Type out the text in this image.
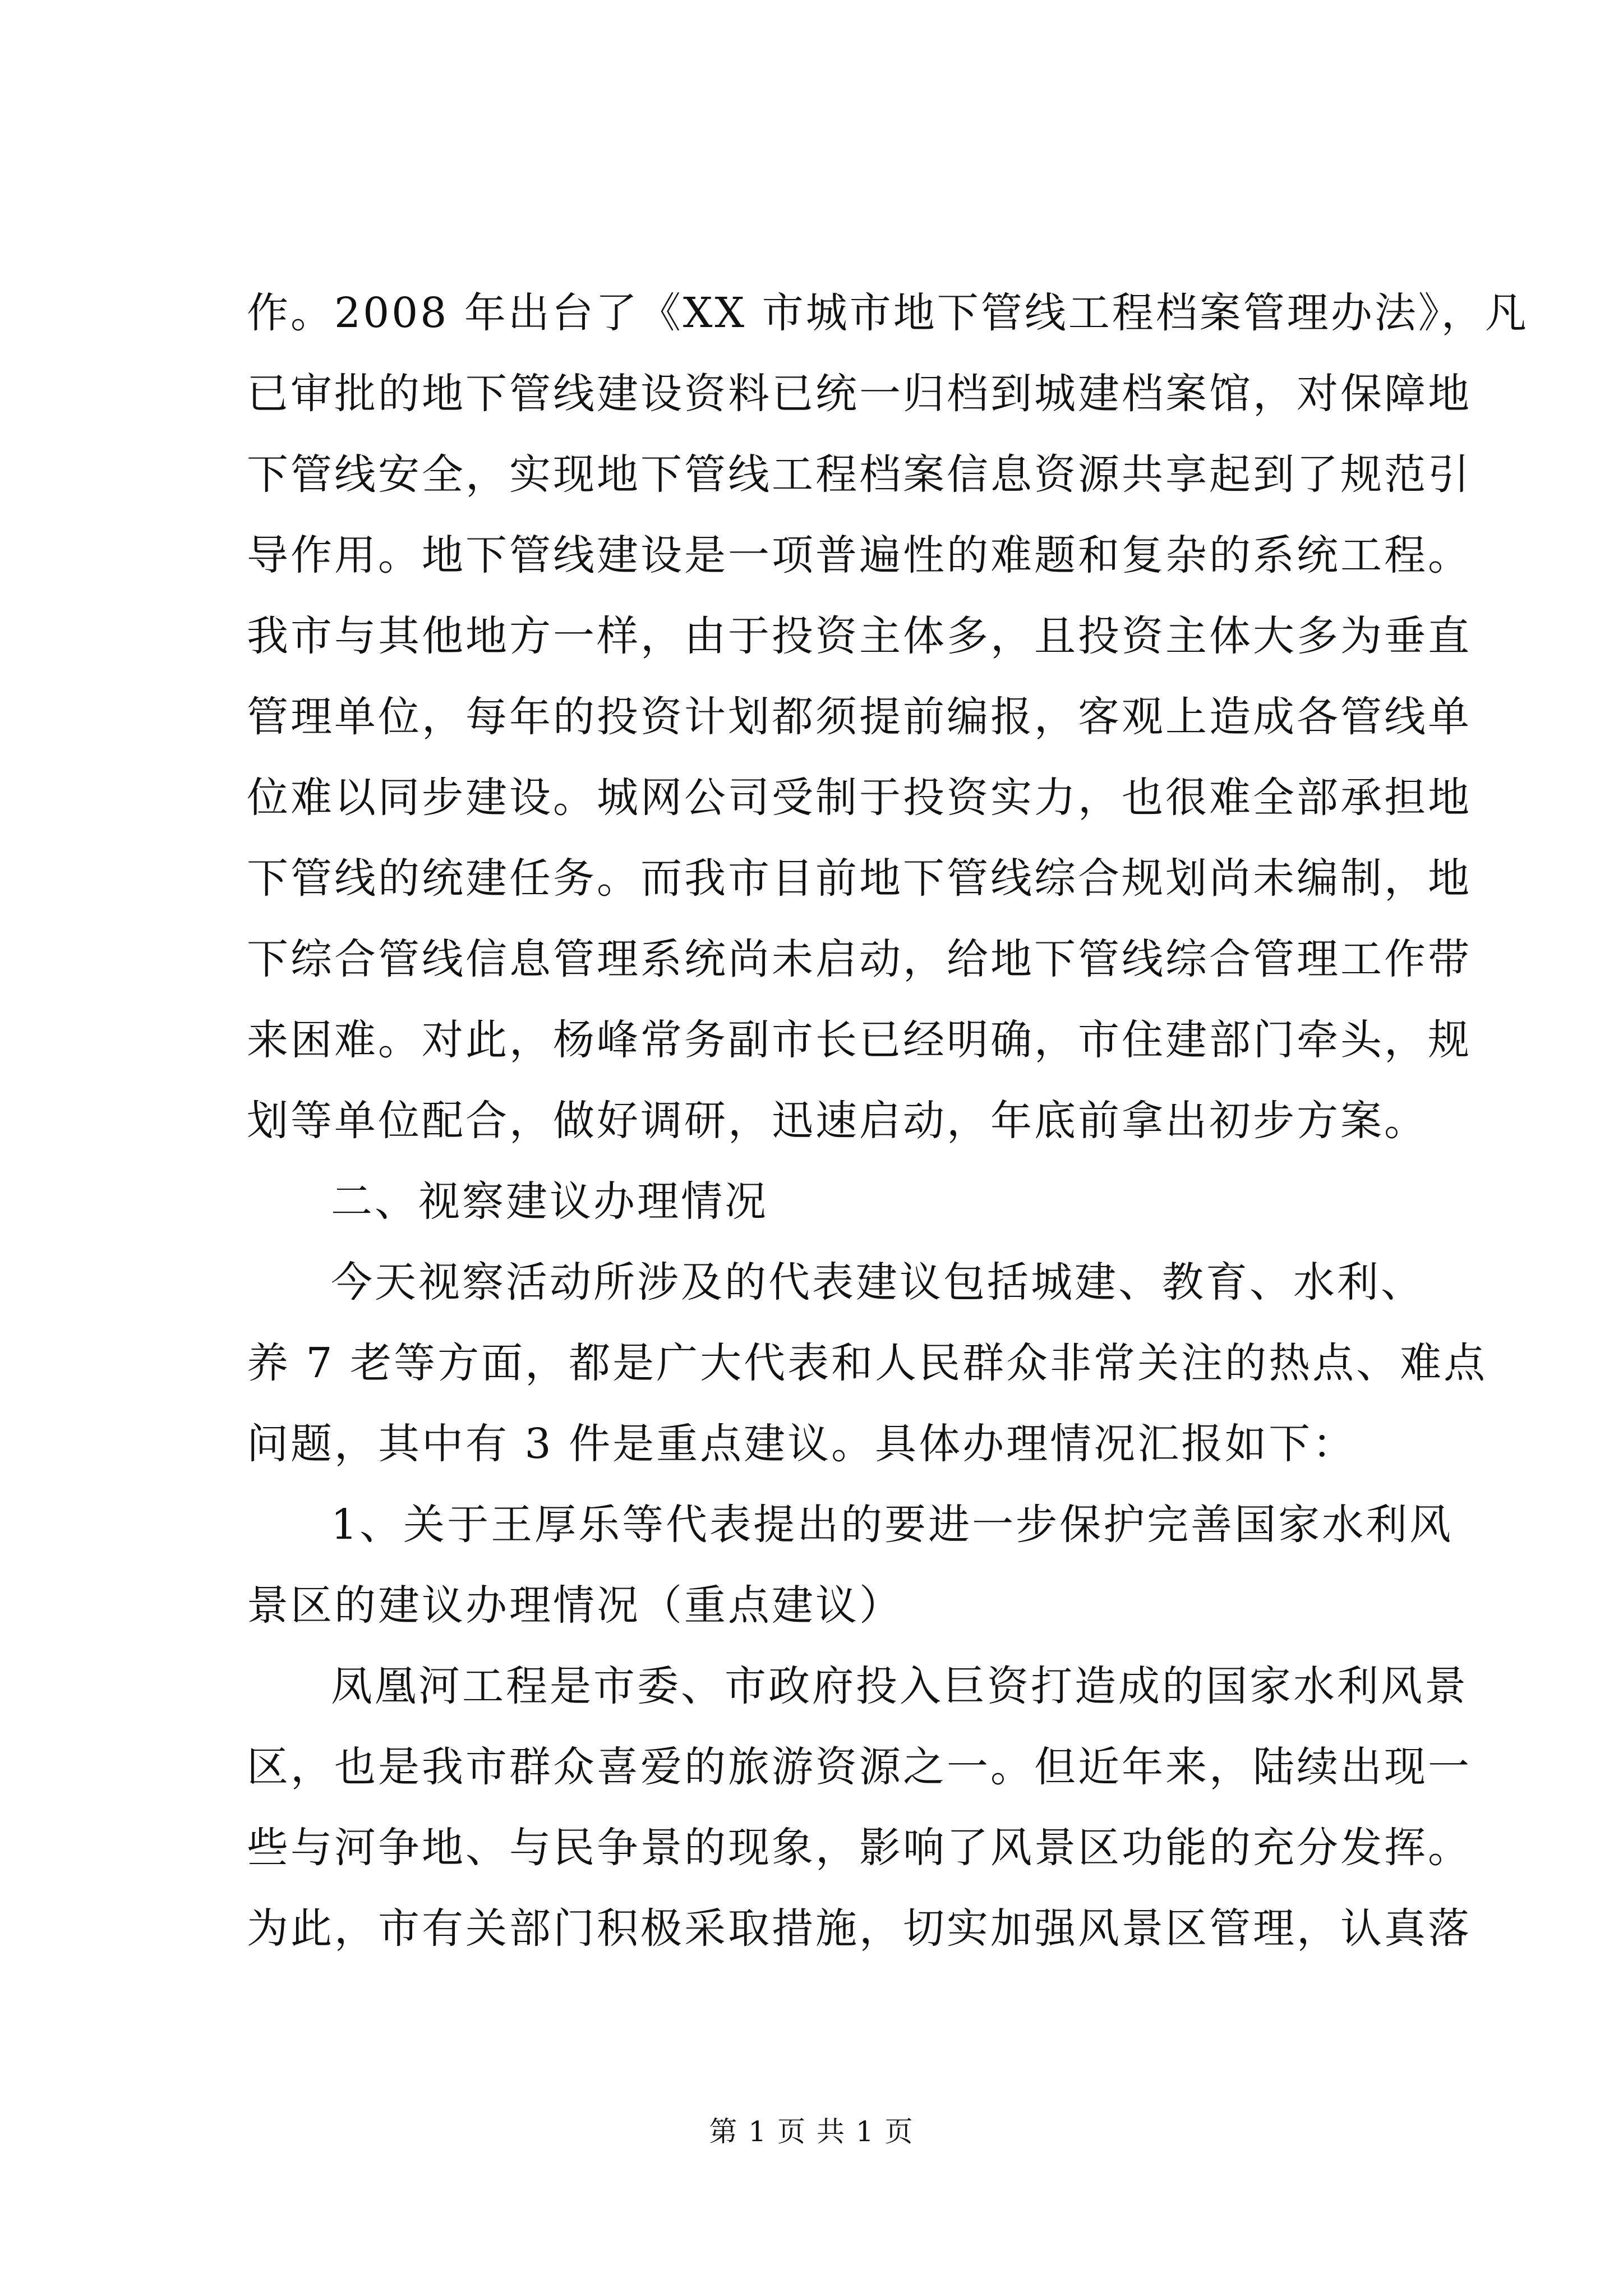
作。2008 年出台了《XX 市城市地下管线工程档案管理办法》，凡
已审批的地下管线建设资料已统一归档到城建档案馆，对保障地
下管线安全，实现地下管线工程档案信息资源共享起到了规范引
导作用。地下管线建设是一项普遍性的难题和复杂的系统工程。
我市与其他地方一样，由于投资主体多，且投资主体大多为垂直
管理单位，每年的投资计划都须提前编报，客观上造成各管线单
位难以同步建设。城网公司受制于投资实力，也很难全部承担地
下管线的统建任务。而我市目前地下管线综合规划尚未编制，地
下综合管线信息管理系统尚未启动，给地下管线综合管理工作带
来困难。对此，杨峰常务副市长已经明确，市住建部门牵头，规
划等单位配合，做好调研，迅速启动，年底前拿出初步方案。
二、视察建议办理情况
今天视察活动所涉及的代表建议包括城建、教育、水利、
养 7 老等方面，都是广大代表和人民群众非常关注的热点、难点
问题，其中有 3 件是重点建议。具体办理情况汇报如下：
1、关于王厚乐等代表提出的要进一步保护完善国家水利风
景区的建议办理情况（重点建议）
凤凰河工程是市委、市政府投入巨资打造成的国家水利风景
区，也是我市群众喜爱的旅游资源之一。但近年来，陆续出现一
些与河争地、与民争景的现象，影响了风景区功能的充分发挥。
为此，市有关部门积极采取措施，切实加强风景区管理，认真落
第 1 页 共 1 页
